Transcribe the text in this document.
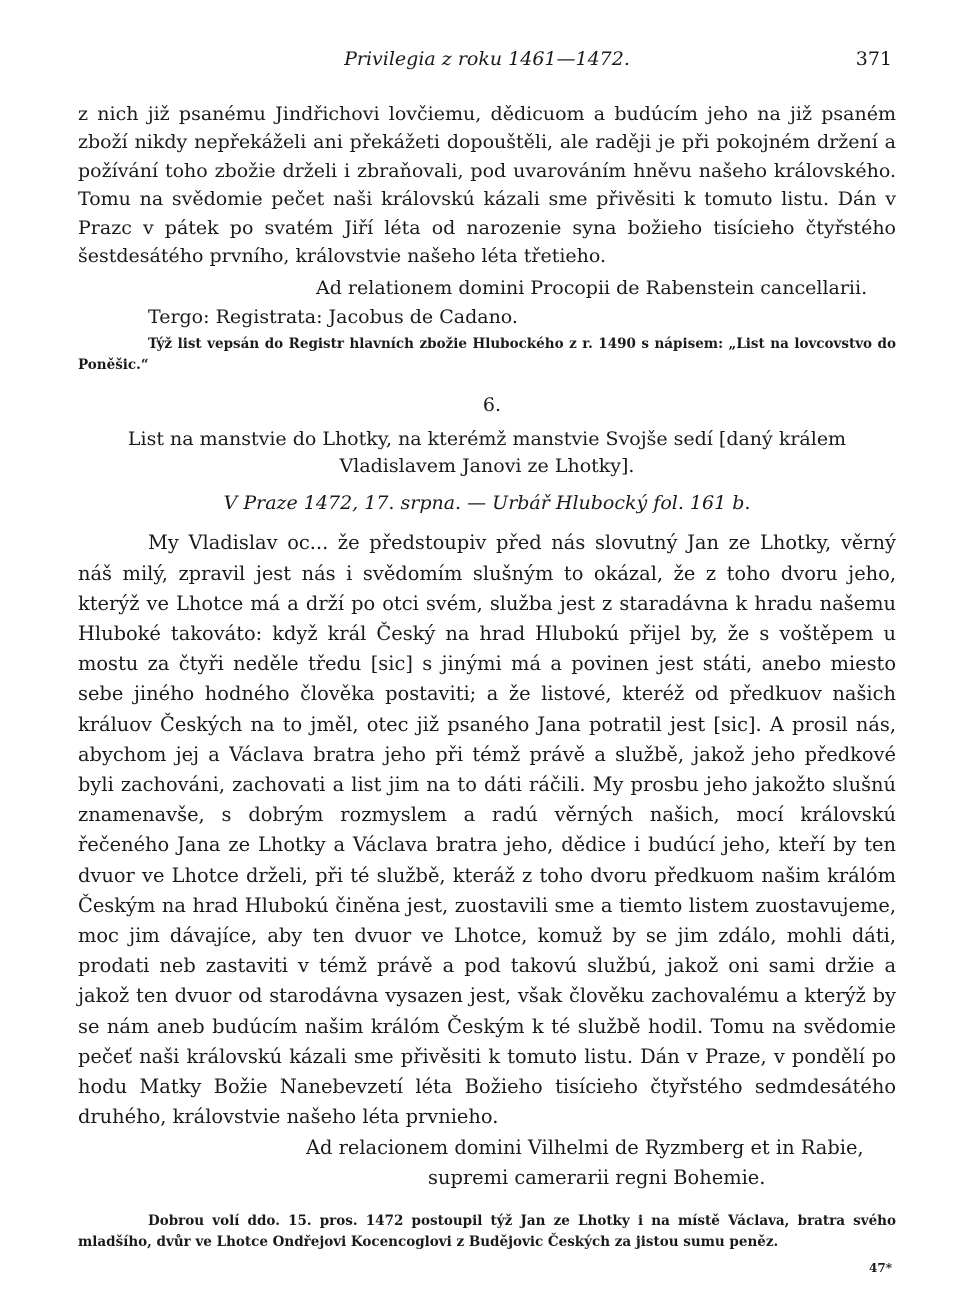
Privilegia z roku 1461—1472.	371

z nich již psanému Jindřichovi lovčiemu, dědicuom a budúcím jeho na již psaném zboží nikdy nepřekáželi ani překážeti dopouštěli, ale raději je při pokojném držení a požívání toho zbožie drželi i zbraňovali, pod uvarováním hněvu našeho královského. Tomu na svědomie pečet naši královskú kázali sme přivěsiti k tomuto listu. Dán v Prazc v pátek po svatém Jiří léta od narozenie syna božieho tisícieho čtyřstého šestdesátého prvního, královstvie našeho léta třetieho.

Ad relationem domini Procopii de Rabenstein cancellarii.

Tergo: Registrata: Jacobus de Cadano.

Týž list vepsán do Registr hlavních zbožie Hlubockého z r. 1490 s nápisem: „List na lovcovstvo do Poněšic.“

6.

List na manstvie do Lhotky, na kterémž manstvie Svojše sedí [daný králem Vladislavem Janovi ze Lhotky].

V Praze 1472, 17. srpna. — Urbář Hlubocký fol. 161 b.

My Vladislav oc... že předstoupiv před nás slovutný Jan ze Lhotky, věrný náš milý, zpravil jest nás i svědomím slušným to okázal, že z toho dvoru jeho, kterýž ve Lhotce má a drží po otci svém, služba jest z staradávna k hradu našemu Hluboké takováto: když král Český na hrad Hlubokú přijel by, že s voštěpem u mostu za čtyři neděle tředu [sic] s jinými má a povinen jest státi, anebo miesto sebe jiného hodného člověka postaviti; a že listové, kteréž od předkuov našich králuov Českých na to jměl, otec již psaného Jana potratil jest [sic]. A prosil nás, abychom jej a Václava bratra jeho při témž právě a službě, jakož jeho předkové byli zachováni, zachovati a list jim na to dáti ráčili. My prosbu jeho jakožto slušnú znamenavše, s dobrým rozmyslem a radú věrných našich, mocí královskú řečeného Jana ze Lhotky a Václava bratra jeho, dědice i budúcí jeho, kteří by ten dvuor ve Lhotce drželi, při té službě, kteráž z toho dvoru předkuom našim králóm Českým na hrad Hlubokú činěna jest, zuostavili sme a tiemto listem zuostavujeme, moc jim dávajíce, aby ten dvuor ve Lhotce, komuž by se jim zdálo, mohli dáti, prodati neb zastaviti v témž právě a pod takovú službú, jakož oni sami držie a jakož ten dvuor od starodávna vysazen jest, však člověku zachovalému a kterýž by se nám aneb budúcím našim králóm Českým k té službě hodil. Tomu na svědomie pečeť naši královskú kázali sme přivěsiti k tomuto listu. Dán v Praze, v pondělí po hodu Matky Božie Nanebevzetí léta Božieho tisícieho čtyřstého sedmdesátého druhého, královstvie našeho léta prvnieho.

Ad relacionem domini Vilhelmi de Ryzmberg et in Rabie,

supremi camerarii regni Bohemie.

Dobrou volí ddo. 15. pros. 1472 postoupil týž Jan ze Lhotky i na místě Václava, bratra svého mladšího, dvůr ve Lhotce Ondřejovi Kocencoglovi z Budějovic Českých za jistou sumu peněz.

47*
